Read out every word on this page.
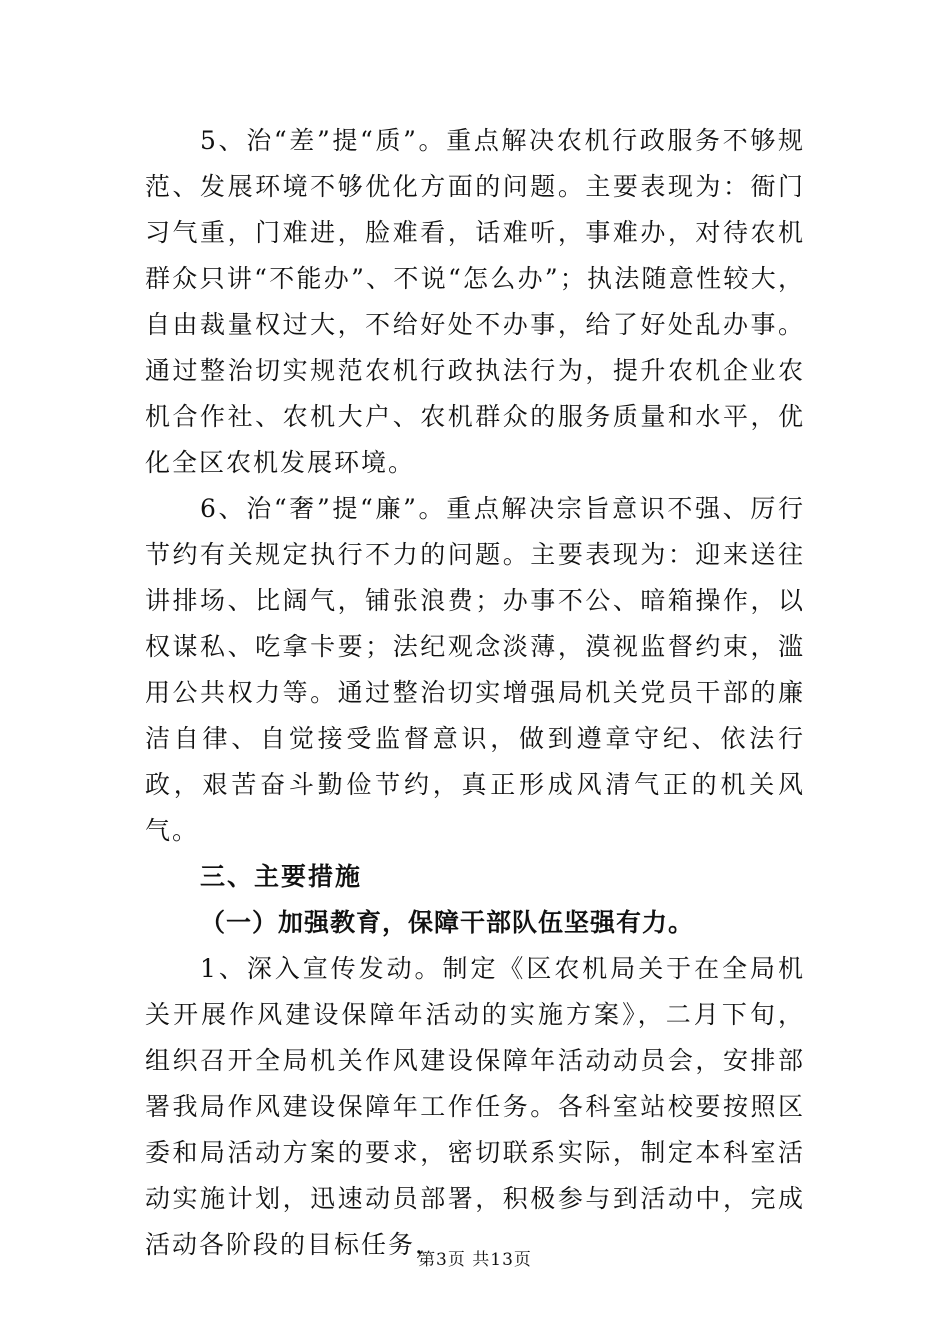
5、治“差”提“质”。重点解决农机行政服务不够规范、发展环境不够优化方面的问题。主要表现为：衙门习气重，门难进，脸难看，话难听，事难办，对待农机群众只讲“不能办”、不说“怎么办”；执法随意性较大，自由裁量权过大，不给好处不办事，给了好处乱办事。通过整治切实规范农机行政执法行为，提升农机企业农机合作社、农机大户、农机群众的服务质量和水平，优化全区农机发展环境。

6、治“奢”提“廉”。重点解决宗旨意识不强、厉行节约有关规定执行不力的问题。主要表现为：迎来送往讲排场、比阔气，铺张浪费；办事不公、暗箱操作，以权谋私、吃拿卡要；法纪观念淡薄，漠视监督约束，滥用公共权力等。通过整治切实增强局机关党员干部的廉洁自律、自觉接受监督意识，做到遵章守纪、依法行政，艰苦奋斗勤俭节约，真正形成风清气正的机关风气。

三、主要措施

（一）加强教育，保障干部队伍坚强有力。

1、深入宣传发动。制定《区农机局关于在全局机关开展作风建设保障年活动的实施方案》，二月下旬，组织召开全局机关作风建设保障年活动动员会，安排部署我局作风建设保障年工作任务。各科室站校要按照区委和局活动方案的要求，密切联系实际，制定本科室活动实施计划，迅速动员部署，积极参与到活动中，完成活动各阶段的目标任务，

第3页 共13页
